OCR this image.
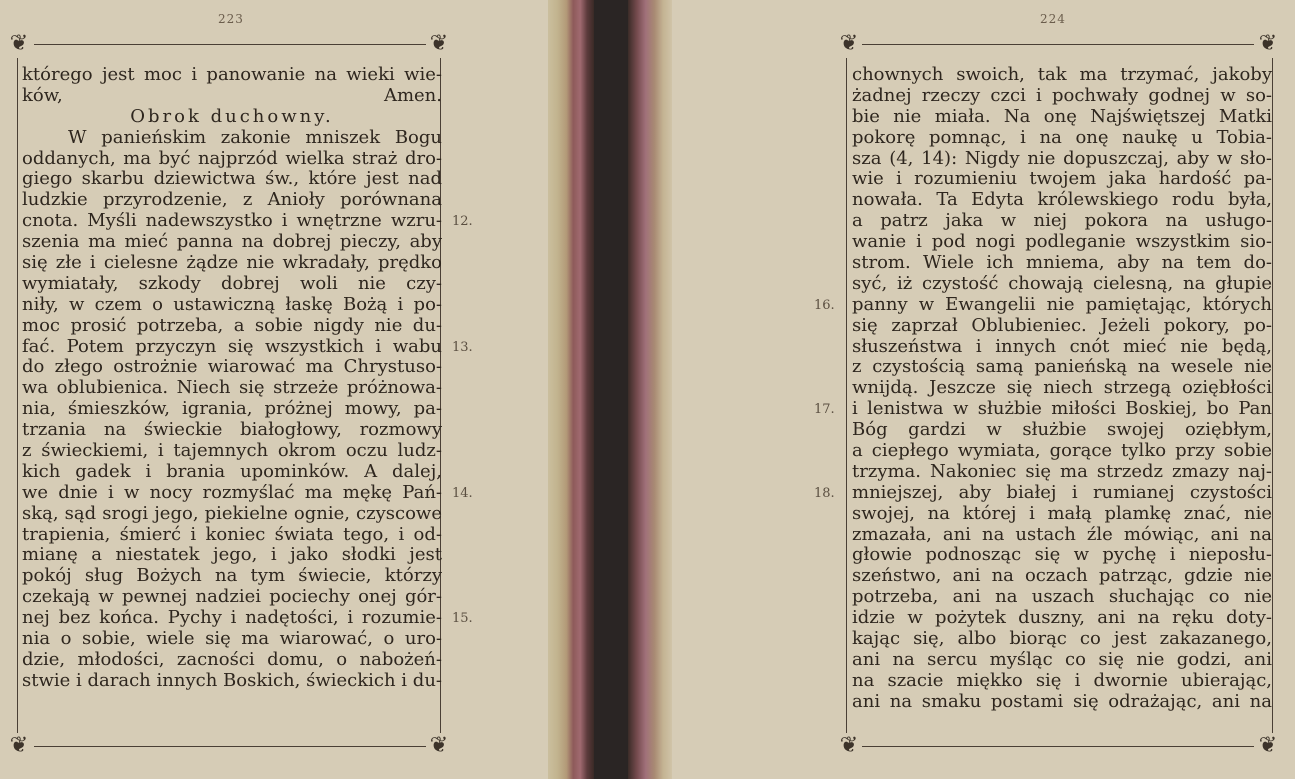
223
❦	❦
❦	❦
którego jest moc i panowanie na wieki wie-
ków, Amen.
Obrok duchowny.
W panieńskim zakonie mniszek Bogu
oddanych, ma być najprzód wielka straż dro-
giego skarbu dziewictwa św., które jest nad
ludzkie przyrodzenie, z Anioły porównana
cnota. Myśli nadewszystko i wnętrzne wzru-
szenia ma mieć panna na dobrej pieczy, aby
się złe i cielesne żądze nie wkradały, prędko
wymiatały, szkody dobrej woli nie czy-
niły, w czem o ustawiczną łaskę Bożą i po-
moc prosić potrzeba, a sobie nigdy nie du-
fać. Potem przyczyn się wszystkich i wabu
do złego ostrożnie wiarować ma Chrystuso-
wa oblubienica. Niech się strzeże próżnowa-
nia, śmieszków, igrania, próżnej mowy, pa-
trzania na świeckie białogłowy, rozmowy
z świeckiemi, i tajemnych okrom oczu ludz-
kich gadek i brania upominków. A dalej,
we dnie i w nocy rozmyślać ma mękę Pań-
ską, sąd srogi jego, piekielne ognie, czyscowe
trapienia, śmierć i koniec świata tego, i od-
mianę a niestatek jego, i jako słodki jest
pokój sług Bożych na tym świecie, którzy
czekają w pewnej nadziei pociechy onej gór-
nej bez końca. Pychy i nadętości, i rozumie-
nia o sobie, wiele się ma wiarować, o uro-
dzie, młodości, zacności domu, o nabożeń-
stwie i darach innych Boskich, świeckich i du-
12.
13.
14.
15.
224
❦	❦
❦	❦
chownych swoich, tak ma trzymać, jakoby
żadnej rzeczy czci i pochwały godnej w so-
bie nie miała. Na onę Najświętszej Matki
pokorę pomnąc, i na onę naukę u Tobia-
sza (4, 14): Nigdy nie dopuszczaj, aby w sło-
wie i rozumieniu twojem jaka hardość pa-
nowała. Ta Edyta królewskiego rodu była,
a patrz jaka w niej pokora na usługo-
wanie i pod nogi podleganie wszystkim sio-
strom. Wiele ich mniema, aby na tem do-
syć, iż czystość chowają cielesną, na głupie
panny w Ewangelii nie pamiętając, których
się zaprzał Oblubieniec. Jeżeli pokory, po-
słuszeństwa i innych cnót mieć nie będą,
z czystością samą panieńską na wesele nie
wnijdą. Jeszcze się niech strzegą oziębłości
i lenistwa w służbie miłości Boskiej, bo Pan
Bóg gardzi w służbie swojej oziębłym,
a ciepłego wymiata, gorące tylko przy sobie
trzyma. Nakoniec się ma strzedz zmazy naj-
mniejszej, aby białej i rumianej czystości
swojej, na której i małą plamkę znać, nie
zmazała, ani na ustach źle mówiąc, ani na
głowie podnosząc się w pychę i nieposłu-
szeństwo, ani na oczach patrząc, gdzie nie
potrzeba, ani na uszach słuchając co nie
idzie w pożytek duszny, ani na ręku doty-
kając się, albo biorąc co jest zakazanego,
ani na sercu myśląc co się nie godzi, ani
na szacie miękko się i dwornie ubierając,
ani na smaku postami się odrażając, ani na
16.
17.
18.
